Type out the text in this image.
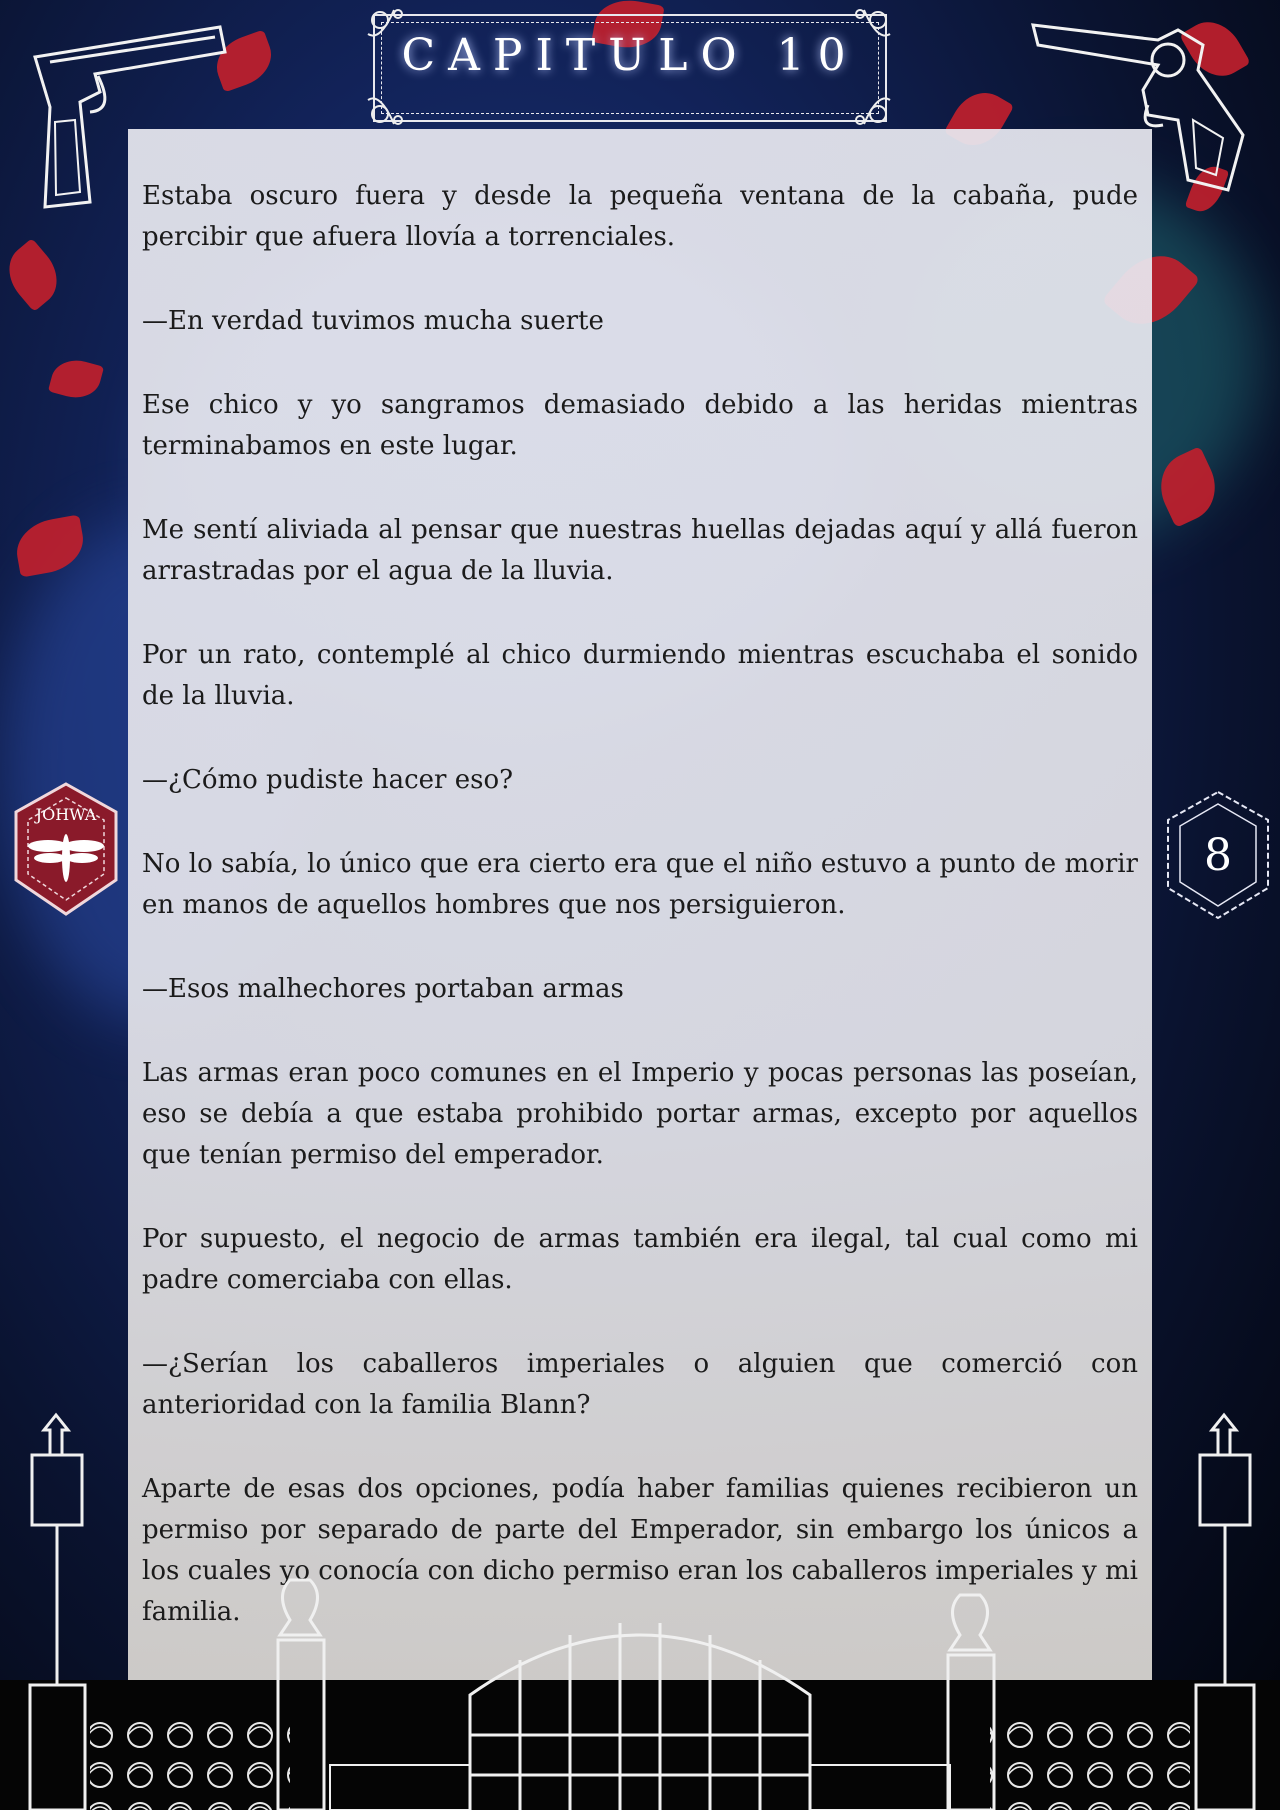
CAPITULO 10

Estaba oscuro fuera y desde la pequeña ventana de la cabaña, pude percibir que afuera llovía a torrenciales.

—En verdad tuvimos mucha suerte

Ese chico y yo sangramos demasiado debido a las heridas mientras terminabamos en este lugar.

Me sentí aliviada al pensar que nuestras huellas dejadas aquí y allá fueron arrastradas por el agua de la lluvia.

Por un rato, contemplé al chico durmiendo mientras escuchaba el sonido de la lluvia.

—¿Cómo pudiste hacer eso?

No lo sabía, lo único que era cierto era que el niño estuvo a punto de morir en manos de aquellos hombres que nos persiguieron.

—Esos malhechores portaban armas

Las armas eran poco comunes en el Imperio y pocas personas las poseían, eso se debía a que estaba prohibido portar armas, excepto por aquellos que tenían permiso del emperador.

Por supuesto, el negocio de armas también era ilegal, tal cual como mi padre comerciaba con ellas.

—¿Serían los caballeros imperiales o alguien que comerció con anterioridad con la familia Blann?

Aparte de esas dos opciones, podía haber familias quienes recibieron un permiso por separado de parte del Emperador, sin embargo los únicos a los cuales yo conocía con dicho permiso eran los caballeros imperiales y mi familia.

JOHWA
8
